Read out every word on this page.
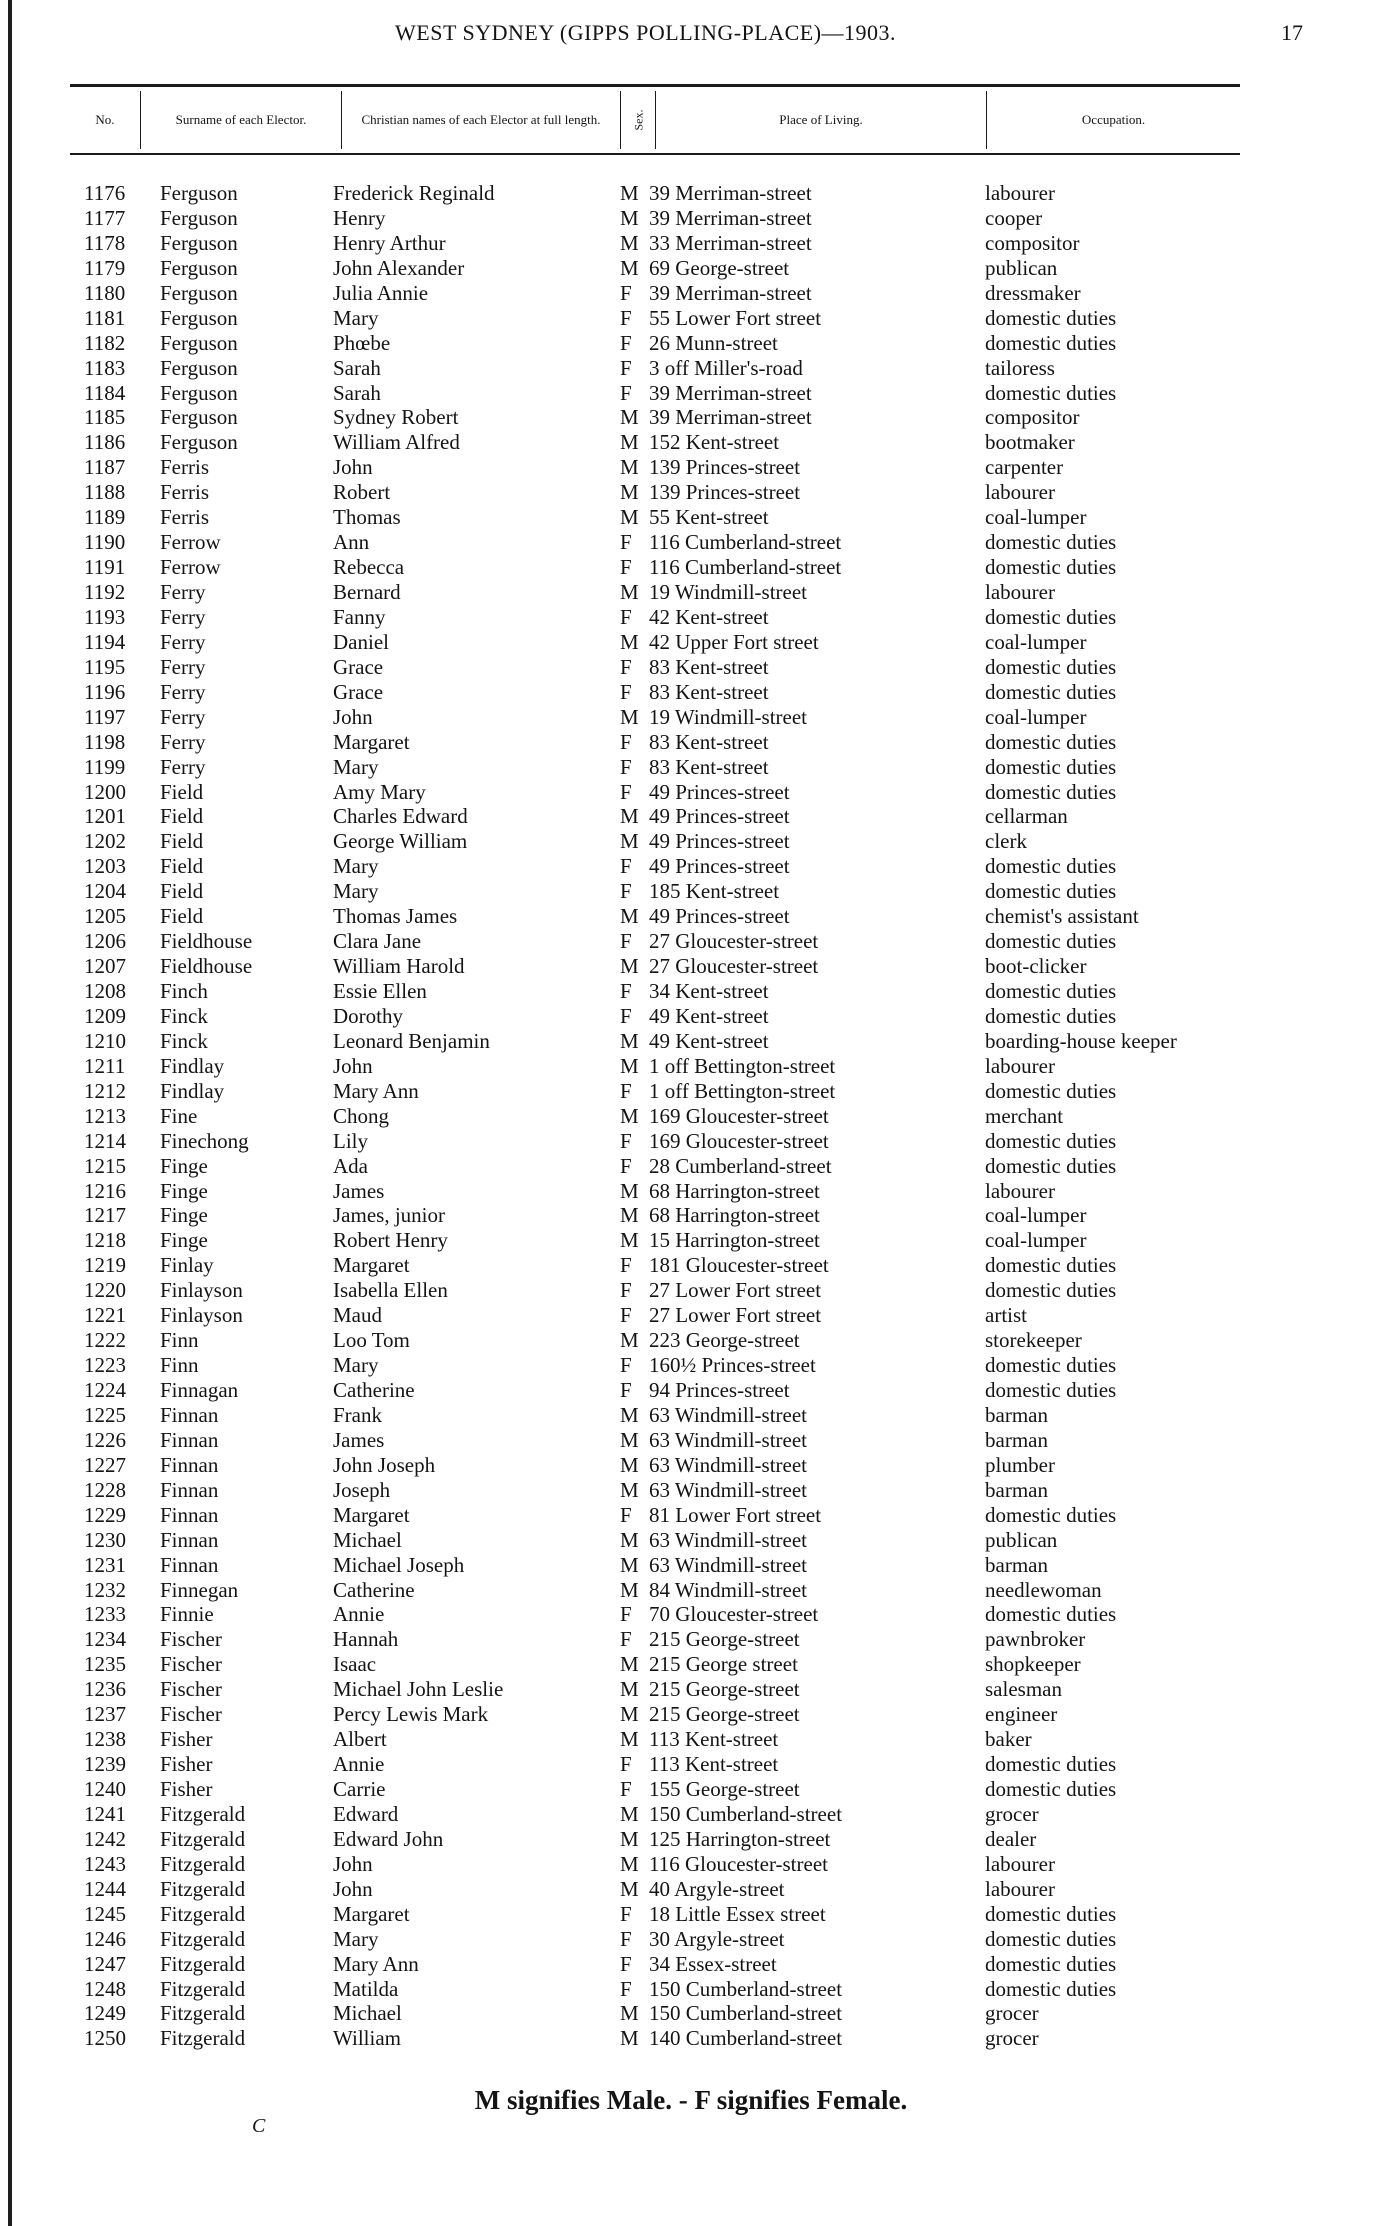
WEST SYDNEY (GIPPS POLLING-PLACE)—1903.	17
No.	Surname of each Elector.	Christian names of each Elector at full length.	Sex.	Place of Living.	Occupation.
1176 Ferguson	Frederick Reginald	M 39 Merriman-street	labourer
1177 Ferguson	Henry	M 39 Merriman-street	cooper
1178 Ferguson	Henry Arthur	M 33 Merriman-street	compositor
1179 Ferguson	John Alexander	M 69 George-street	publican
1180 Ferguson	Julia Annie	F 39 Merriman-street	dressmaker
1181 Ferguson	Mary	F 55 Lower Fort street	domestic duties
1182 Ferguson	Phœbe	F 26 Munn-street	domestic duties
1183 Ferguson	Sarah	F 3 off Miller's-road	tailoress
1184 Ferguson	Sarah	F 39 Merriman-street	domestic duties
1185 Ferguson	Sydney Robert	M 39 Merriman-street	compositor
1186 Ferguson	William Alfred	M 152 Kent-street	bootmaker
1187 Ferris	John	M 139 Princes-street	carpenter
1188 Ferris	Robert	M 139 Princes-street	labourer
1189 Ferris	Thomas	M 55 Kent-street	coal-lumper
1190 Ferrow	Ann	F 116 Cumberland-street	domestic duties
1191 Ferrow	Rebecca	F 116 Cumberland-street	domestic duties
1192 Ferry	Bernard	M 19 Windmill-street	labourer
1193 Ferry	Fanny	F 42 Kent-street	domestic duties
1194 Ferry	Daniel	M 42 Upper Fort street	coal-lumper
1195 Ferry	Grace	F 83 Kent-street	domestic duties
1196 Ferry	Grace	F 83 Kent-street	domestic duties
1197 Ferry	John	M 19 Windmill-street	coal-lumper
1198 Ferry	Margaret	F 83 Kent-street	domestic duties
1199 Ferry	Mary	F 83 Kent-street	domestic duties
1200 Field	Amy Mary	F 49 Princes-street	domestic duties
1201 Field	Charles Edward	M 49 Princes-street	cellarman
1202 Field	George William	M 49 Princes-street	clerk
1203 Field	Mary	F 49 Princes-street	domestic duties
1204 Field	Mary	F 185 Kent-street	domestic duties
1205 Field	Thomas James	M 49 Princes-street	chemist's assistant
1206 Fieldhouse	Clara Jane	F 27 Gloucester-street	domestic duties
1207 Fieldhouse	William Harold	M 27 Gloucester-street	boot-clicker
1208 Finch	Essie Ellen	F 34 Kent-street	domestic duties
1209 Finck	Dorothy	F 49 Kent-street	domestic duties
1210 Finck	Leonard Benjamin	M 49 Kent-street	boarding-house keeper
1211 Findlay	John	M 1 off Bettington-street	labourer
1212 Findlay	Mary Ann	F 1 off Bettington-street	domestic duties
1213 Fine	Chong	M 169 Gloucester-street	merchant
1214 Finechong	Lily	F 169 Gloucester-street	domestic duties
1215 Finge	Ada	F 28 Cumberland-street	domestic duties
1216 Finge	James	M 68 Harrington-street	labourer
1217 Finge	James, junior	M 68 Harrington-street	coal-lumper
1218 Finge	Robert Henry	M 15 Harrington-street	coal-lumper
1219 Finlay	Margaret	F 181 Gloucester-street	domestic duties
1220 Finlayson	Isabella Ellen	F 27 Lower Fort street	domestic duties
1221 Finlayson	Maud	F 27 Lower Fort street	artist
1222 Finn	Loo Tom	M 223 George-street	storekeeper
1223 Finn	Mary	F 160½ Princes-street	domestic duties
1224 Finnagan	Catherine	F 94 Princes-street	domestic duties
1225 Finnan	Frank	M 63 Windmill-street	barman
1226 Finnan	James	M 63 Windmill-street	barman
1227 Finnan	John Joseph	M 63 Windmill-street	plumber
1228 Finnan	Joseph	M 63 Windmill-street	barman
1229 Finnan	Margaret	F 81 Lower Fort street	domestic duties
1230 Finnan	Michael	M 63 Windmill-street	publican
1231 Finnan	Michael Joseph	M 63 Windmill-street	barman
1232 Finnegan	Catherine	M 84 Windmill-street	needlewoman
1233 Finnie	Annie	F 70 Gloucester-street	domestic duties
1234 Fischer	Hannah	F 215 George-street	pawnbroker
1235 Fischer	Isaac	M 215 George street	shopkeeper
1236 Fischer	Michael John Leslie	M 215 George-street	salesman
1237 Fischer	Percy Lewis Mark	M 215 George-street	engineer
1238 Fisher	Albert	M 113 Kent-street	baker
1239 Fisher	Annie	F 113 Kent-street	domestic duties
1240 Fisher	Carrie	F 155 George-street	domestic duties
1241 Fitzgerald	Edward	M 150 Cumberland-street	grocer
1242 Fitzgerald	Edward John	M 125 Harrington-street	dealer
1243 Fitzgerald	John	M 116 Gloucester-street	labourer
1244 Fitzgerald	John	M 40 Argyle-street	labourer
1245 Fitzgerald	Margaret	F 18 Little Essex street	domestic duties
1246 Fitzgerald	Mary	F 30 Argyle-street	domestic duties
1247 Fitzgerald	Mary Ann	F 34 Essex-street	domestic duties
1248 Fitzgerald	Matilda	F 150 Cumberland-street	domestic duties
1249 Fitzgerald	Michael	M 150 Cumberland-street	grocer
1250 Fitzgerald	William	M 140 Cumberland-street	grocer
M signifies Male. - F signifies Female.
C
